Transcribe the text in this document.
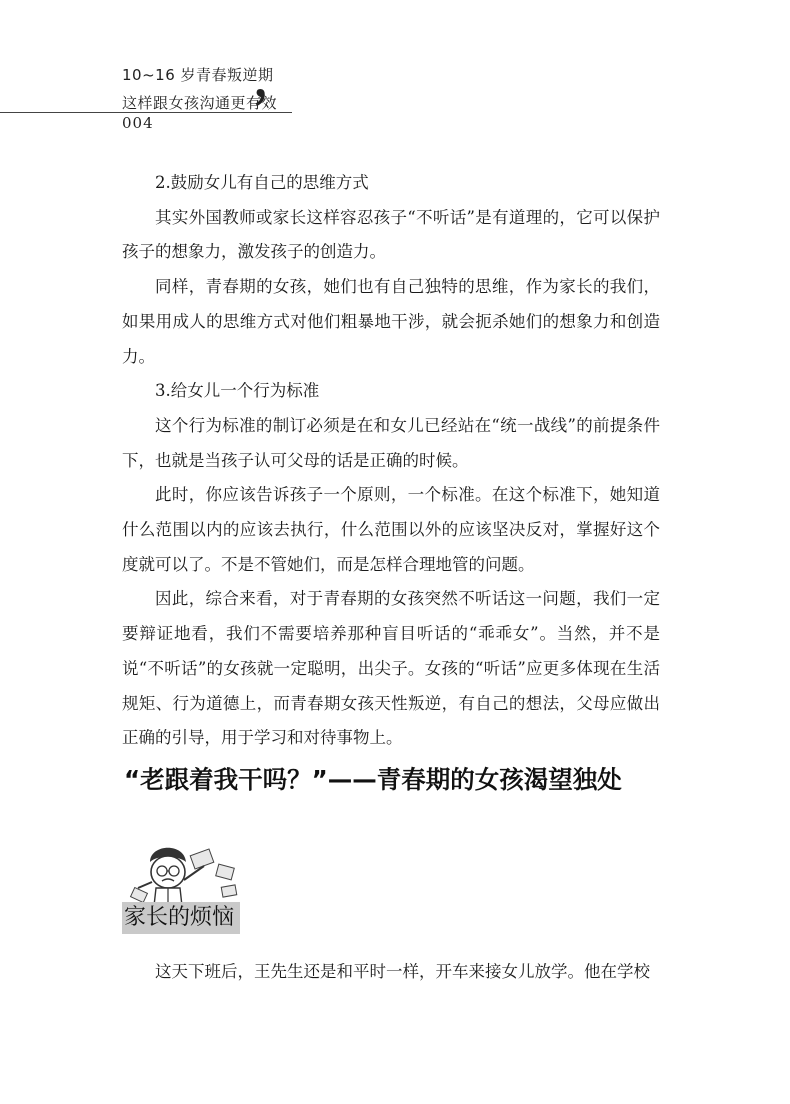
10~16 岁青春叛逆期
，
这样跟女孩沟通更有效
004

2.鼓励女儿有自己的思维方式

其实外国教师或家长这样容忍孩子“不听话”是有道理的，它可以保护孩子的想象力，激发孩子的创造力。

同样，青春期的女孩，她们也有自己独特的思维，作为家长的我们，如果用成人的思维方式对他们粗暴地干涉，就会扼杀她们的想象力和创造力。

3.给女儿一个行为标准

这个行为标准的制订必须是在和女儿已经站在“统一战线”的前提条件下，也就是当孩子认可父母的话是正确的时候。

此时，你应该告诉孩子一个原则，一个标准。在这个标准下，她知道什么范围以内的应该去执行，什么范围以外的应该坚决反对，掌握好这个度就可以了。不是不管她们，而是怎样合理地管的问题。

因此，综合来看，对于青春期的女孩突然不听话这一问题，我们一定要辩证地看，我们不需要培养那种盲目听话的“乖乖女”。当然，并不是说“不听话”的女孩就一定聪明，出尖子。女孩的“听话”应更多体现在生活规矩、行为道德上，而青春期女孩天性叛逆，有自己的想法，父母应做出正确的引导，用于学习和对待事物上。

“老跟着我干吗？”——青春期的女孩渴望独处
家长的烦恼

这天下班后，王先生还是和平时一样，开车来接女儿放学。他在学校
